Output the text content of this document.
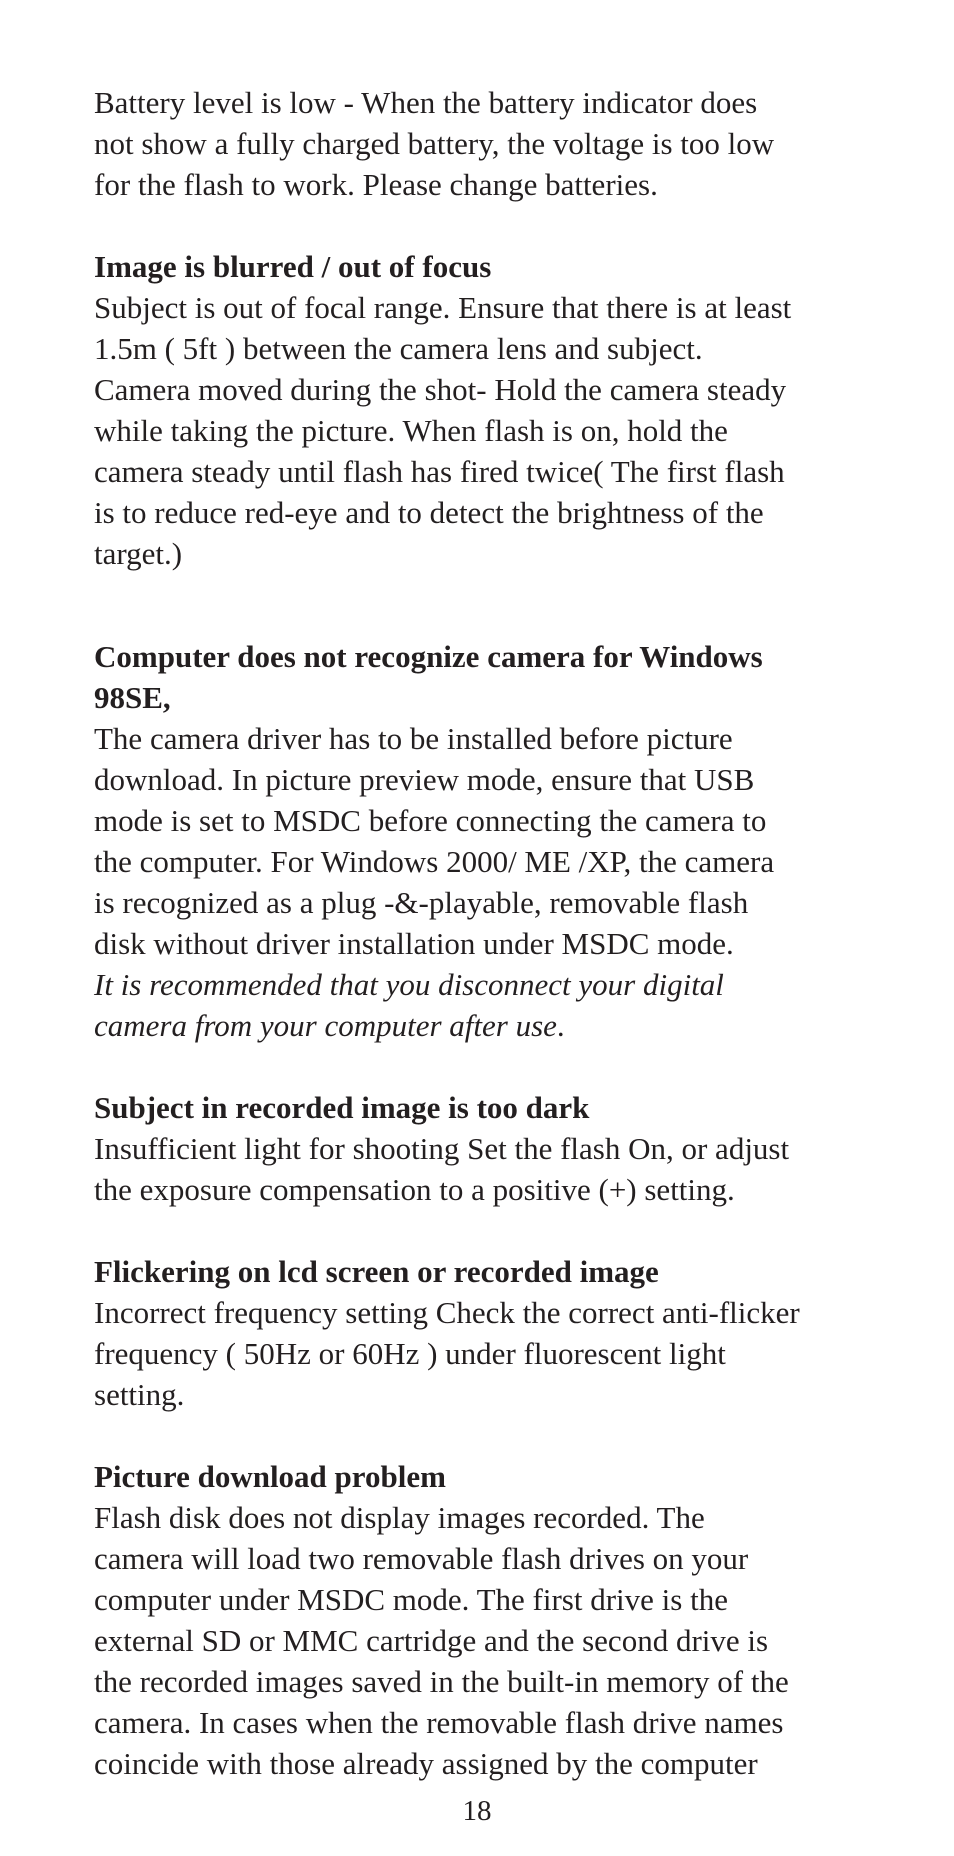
Battery level is low - When the battery indicator does
not show a fully charged battery, the voltage is too low
for the flash to work. Please change batteries.
Image is blurred / out of focus
Subject is out of focal range. Ensure that there is at least
1.5m ( 5ft ) between the camera lens and subject.
Camera moved during the shot- Hold the camera steady
while taking the picture. When flash is on, hold the
camera steady until flash has fired twice( The first flash
is to reduce red-eye and to detect the brightness of the
target.)
Computer does not recognize camera for Windows
98SE,
The camera driver has to be installed before picture
download. In picture preview mode, ensure that USB
mode is set to MSDC before connecting the camera to
the computer. For Windows 2000/ ME /XP, the camera
is recognized as a plug -&-playable, removable flash
disk without driver installation under MSDC mode.
It is recommended that you disconnect your digital
camera from your computer after use.
Subject in recorded image is too dark
Insufficient light for shooting Set the flash On, or adjust
the exposure compensation to a positive (+) setting.
Flickering on lcd screen or recorded image
Incorrect frequency setting Check the correct anti-flicker
frequency ( 50Hz or 60Hz ) under fluorescent light
setting.
Picture download problem
Flash disk does not display images recorded. The
camera will load two removable flash drives on your
computer under MSDC mode. The first drive is the
external SD or MMC cartridge and the second drive is
the recorded images saved in the built-in memory of the
camera. In cases when the removable flash drive names
coincide with those already assigned by the computer
18
